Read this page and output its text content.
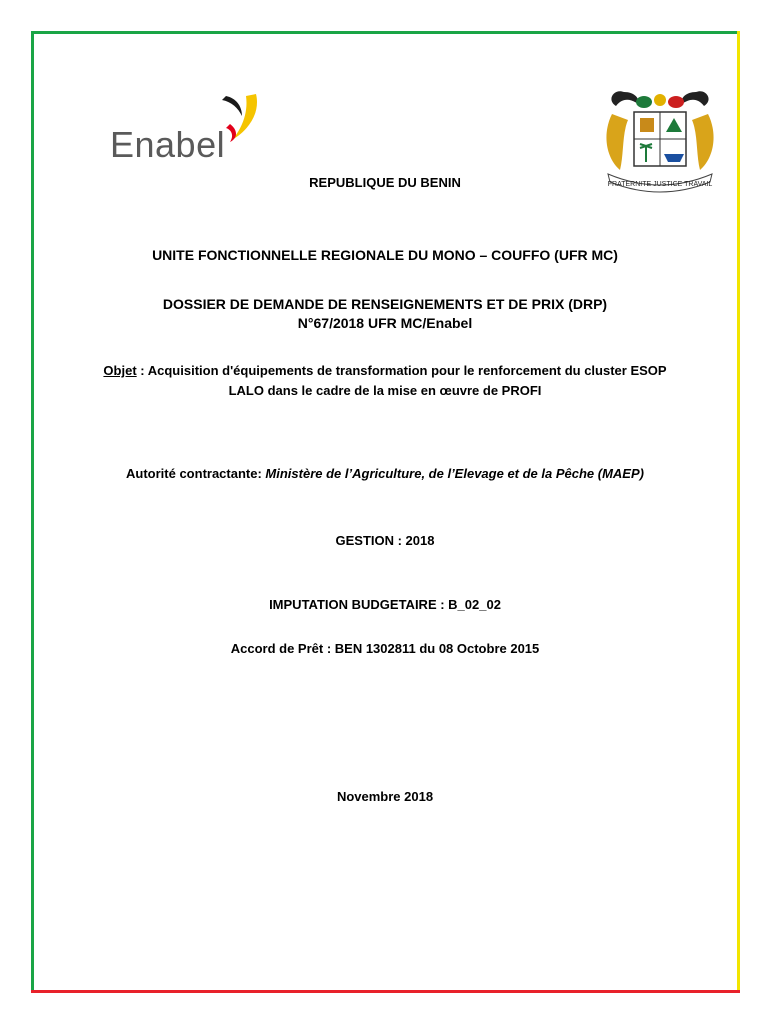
Enabel
FRATERNITE JUSTICE TRAVAIL
REPUBLIQUE DU BENIN
UNITE FONCTIONNELLE REGIONALE DU MONO – COUFFO (UFR MC)
DOSSIER DE DEMANDE DE RENSEIGNEMENTS ET DE PRIX (DRP)
N°67/2018 UFR MC/Enabel
Objet : Acquisition d'équipements de transformation pour le renforcement du cluster ESOP LALO dans le cadre de la mise en œuvre de PROFI
Autorité contractante: Ministère de l’Agriculture, de l’Elevage et de la Pêche (MAEP)
GESTION : 2018
IMPUTATION BUDGETAIRE : B_02_02
Accord de Prêt : BEN 1302811 du 08 Octobre 2015
Novembre 2018
